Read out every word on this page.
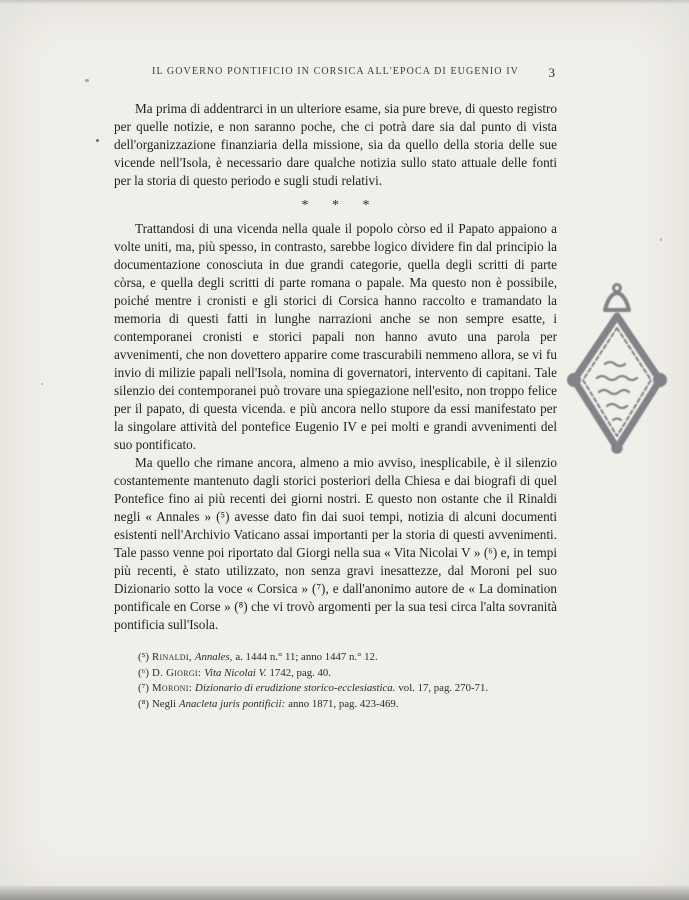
IL GOVERNO PONTIFICIO IN CORSICA ALL'EPOCA DI EUGENIO IV	3

Ma prima di addentrarci in un ulteriore esame, sia pure breve, di questo registro per quelle notizie, e non saranno poche, che ci potrà dare sia dal punto di vista dell'organizzazione finanziaria della missione, sia da quello della storia delle sue vicende nell'Isola, è necessario dare qualche notizia sullo stato attuale delle fonti per la storia di questo periodo e sugli studi relativi.

* * *

Trattandosi di una vicenda nella quale il popolo còrso ed il Papato appaiono a volte uniti, ma, più spesso, in contrasto, sarebbe logico dividere fin dal principio la documentazione conosciuta in due grandi categorie, quella degli scritti di parte còrsa, e quella degli scritti di parte romana o papale. Ma questo non è possibile, poiché mentre i cronisti e gli storici di Corsica hanno raccolto e tramandato la memoria di questi fatti in lunghe narrazioni anche se non sempre esatte, i contemporanei cronisti e storici papali non hanno avuto una parola per avvenimenti, che non dovettero apparire come trascurabili nemmeno allora, se vi fu invio di milizie papali nell'Isola, nomina di governatori, intervento di capitani. Tale silenzio dei contemporanei può trovare una spiegazione nell'esito, non troppo felice per il papato, di questa vicenda. e più ancora nello stupore da essi manifestato per la singolare attività del pontefice Eugenio IV e pei molti e grandi avvenimenti del suo pontificato.

Ma quello che rimane ancora, almeno a mio avviso, inesplicabile, è il silenzio costantemente mantenuto dagli storici posteriori della Chiesa e dai biografi di quel Pontefice fino ai più recenti dei giorni nostri. E questo non ostante che il Rinaldi negli « Annales » (⁵) avesse dato fin dai suoi tempi, notizia di alcuni documenti esistenti nell'Archivio Vaticano assai importanti per la storia di questi avvenimenti. Tale passo venne poi riportato dal Giorgi nella sua « Vita Nicolai V » (⁶) e, in tempi più recenti, è stato utilizzato, non senza gravi inesattezze, dal Moroni pel suo Dizionario sotto la voce « Corsica » (⁷), e dall'anonimo autore de « La domination pontificale en Corse » (⁸) che vi trovò argomenti per la sua tesi circa l'alta sovranità pontificia sull'Isola.

(⁵) Rinaldi, Annales, a. 1444 n.° 11; anno 1447 n.° 12.
(⁶) D. Giorgi: Vita Nicolai V. 1742, pag. 40.
(⁷) Moroni: Dizionario di erudizione storico-ecclesiastica. vol. 17, pag. 270-71.
(⁸) Negli Anacleta juris pontificii: anno 1871, pag. 423-469.
